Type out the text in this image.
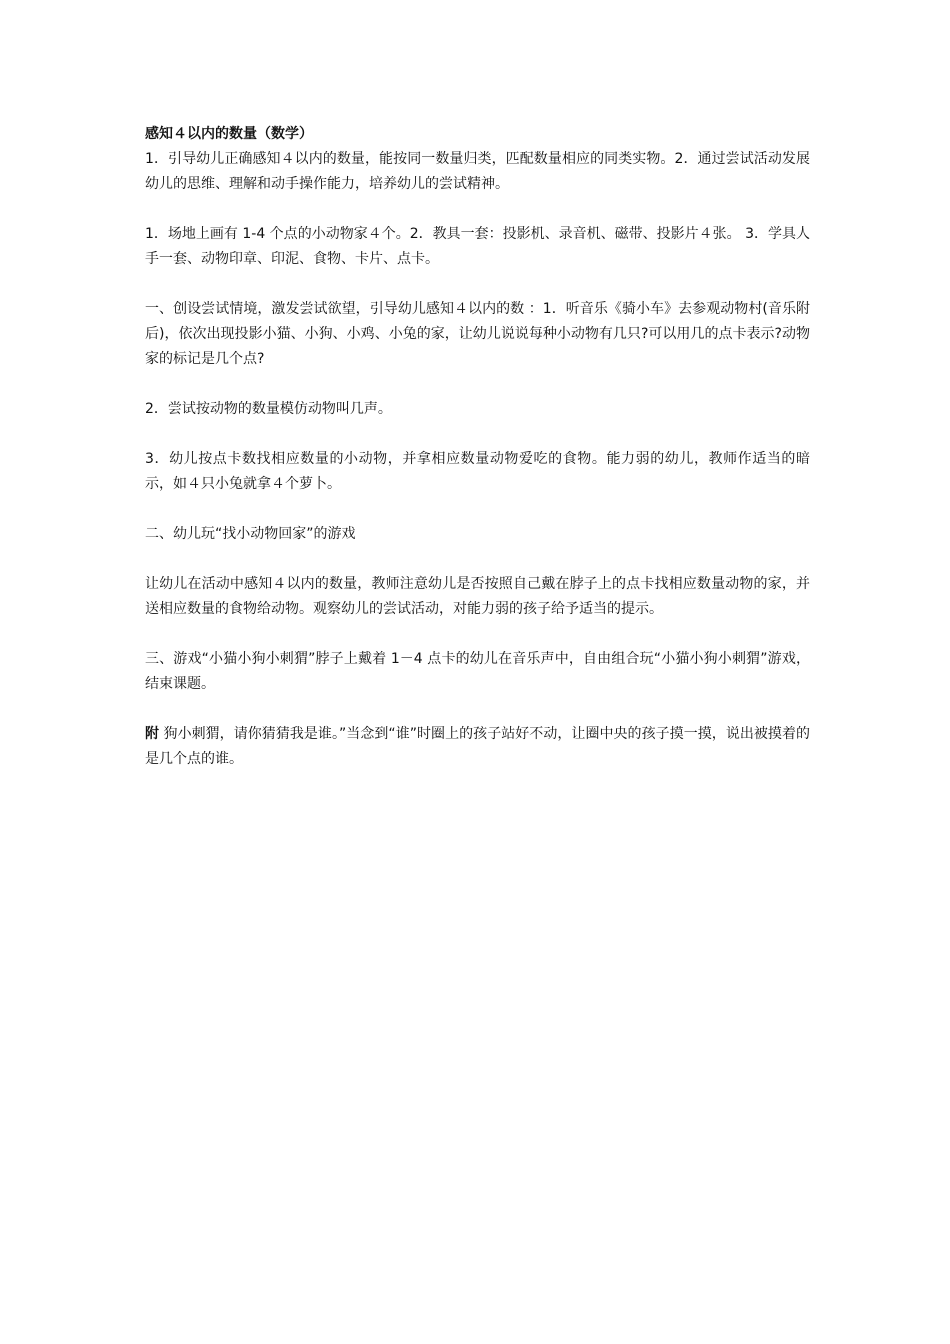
感知４以内的数量（数学）

1．引导幼儿正确感知４以内的数量，能按同一数量归类，匹配数量相应的同类实物。2．通过尝试活动发展幼儿的思维、理解和动手操作能力，培养幼儿的尝试精神。

1．场地上画有 1-4 个点的小动物家４个。2．教具一套：投影机、录音机、磁带、投影片４张。 3．学具人手一套、动物印章、印泥、食物、卡片、点卡。

一、创设尝试情境，激发尝试欲望，引导幼儿感知４以内的数 ：1．听音乐《骑小车》去参观动物村(音乐附后)，依次出现投影小猫、小狗、小鸡、小兔的家，让幼儿说说每种小动物有几只?可以用几的点卡表示?动物家的标记是几个点?

2．尝试按动物的数量模仿动物叫几声。

3．幼儿按点卡数找相应数量的小动物，并拿相应数量动物爱吃的食物。能力弱的幼儿，教师作适当的暗示，如４只小兔就拿４个萝卜。

二、幼儿玩“找小动物回家”的游戏

让幼儿在活动中感知４以内的数量，教师注意幼儿是否按照自己戴在脖子上的点卡找相应数量动物的家，并送相应数量的食物给动物。观察幼儿的尝试活动，对能力弱的孩子给予适当的提示。

三、游戏“小猫小狗小刺猬”脖子上戴着 1－4 点卡的幼儿在音乐声中，自由组合玩“小猫小狗小刺猬”游戏，结束课题。

附 狗小刺猬，请你猜猜我是谁。”当念到“谁”时圈上的孩子站好不动，让圈中央的孩子摸一摸，说出被摸着的是几个点的谁。
